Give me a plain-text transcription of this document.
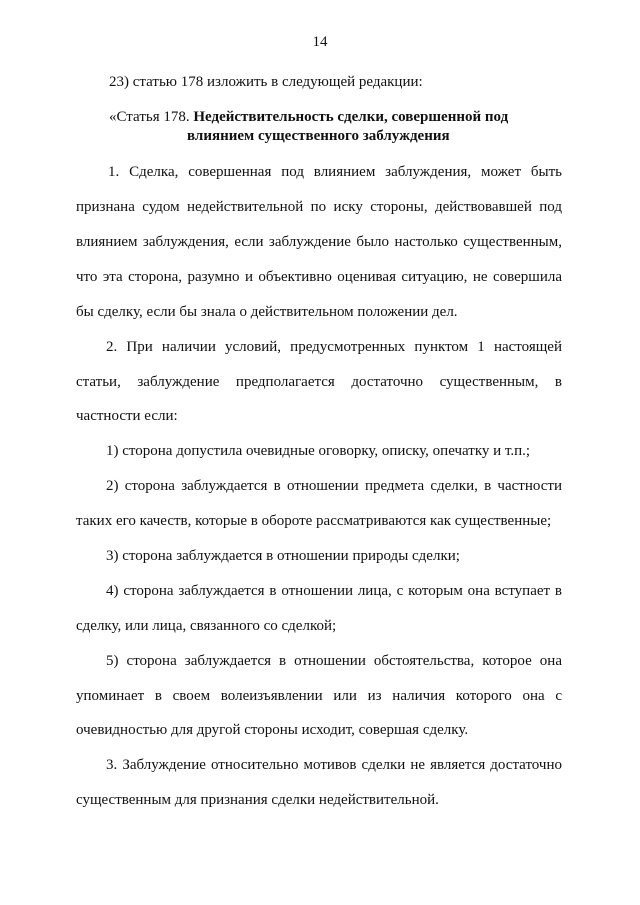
14
23) статью 178 изложить в следующей редакции:
«Статья 178. Недействительность сделки, совершенной под
влиянием существенного заблуждения
1. Сделка, совершенная под влиянием заблуждения, может быть
признана судом недействительной по иску стороны, действовавшей под
влиянием заблуждения, если заблуждение было настолько существенным,
что эта сторона, разумно и объективно оценивая ситуацию, не совершила
бы сделку, если бы знала о действительном положении дел.
2. При наличии условий, предусмотренных пунктом 1 настоящей
статьи, заблуждение предполагается достаточно существенным, в
частности если:
1) сторона допустила очевидные оговорку, описку, опечатку и т.п.;
2) сторона заблуждается в отношении предмета сделки, в частности
таких его качеств, которые в обороте рассматриваются как существенные;
3) сторона заблуждается в отношении природы сделки;
4) сторона заблуждается в отношении лица, с которым она вступает в
сделку, или лица, связанного со сделкой;
5) сторона заблуждается в отношении обстоятельства, которое она
упоминает в своем волеизъявлении или из наличия которого она с
очевидностью для другой стороны исходит, совершая сделку.
3. Заблуждение относительно мотивов сделки не является достаточно
существенным для признания сделки недействительной.
